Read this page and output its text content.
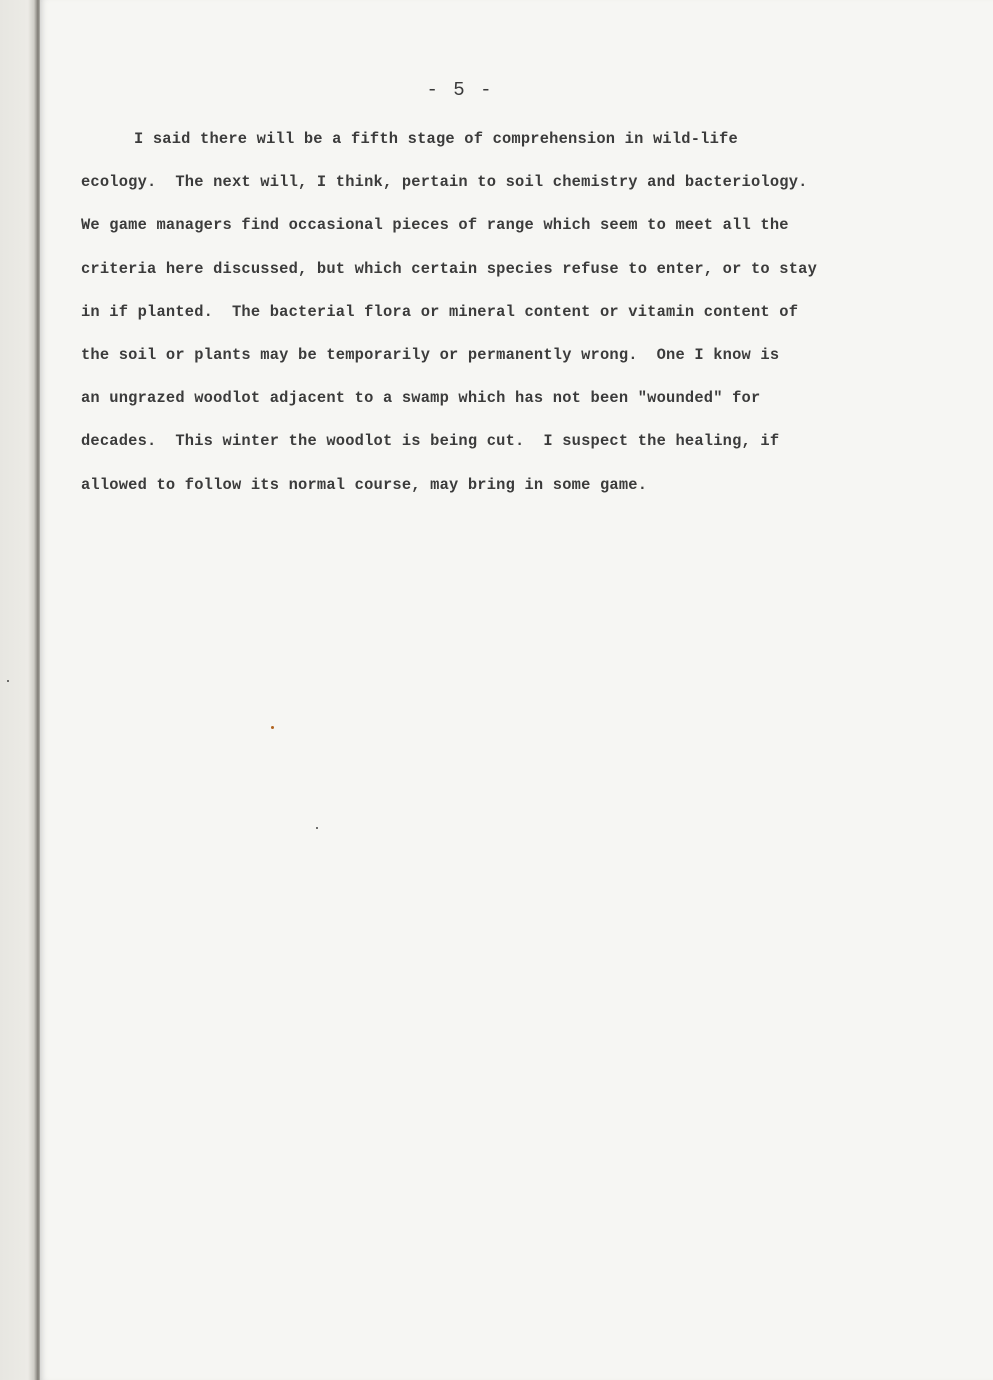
- 5 -
I said there will be a fifth stage of comprehension in wild-life
ecology.  The next will, I think, pertain to soil chemistry and bacteriology.
We game managers find occasional pieces of range which seem to meet all the
criteria here discussed, but which certain species refuse to enter, or to stay
in if planted.  The bacterial flora or mineral content or vitamin content of
the soil or plants may be temporarily or permanently wrong.  One I know is
an ungrazed woodlot adjacent to a swamp which has not been "wounded" for
decades.  This winter the woodlot is being cut.  I suspect the healing, if
allowed to follow its normal course, may bring in some game.
